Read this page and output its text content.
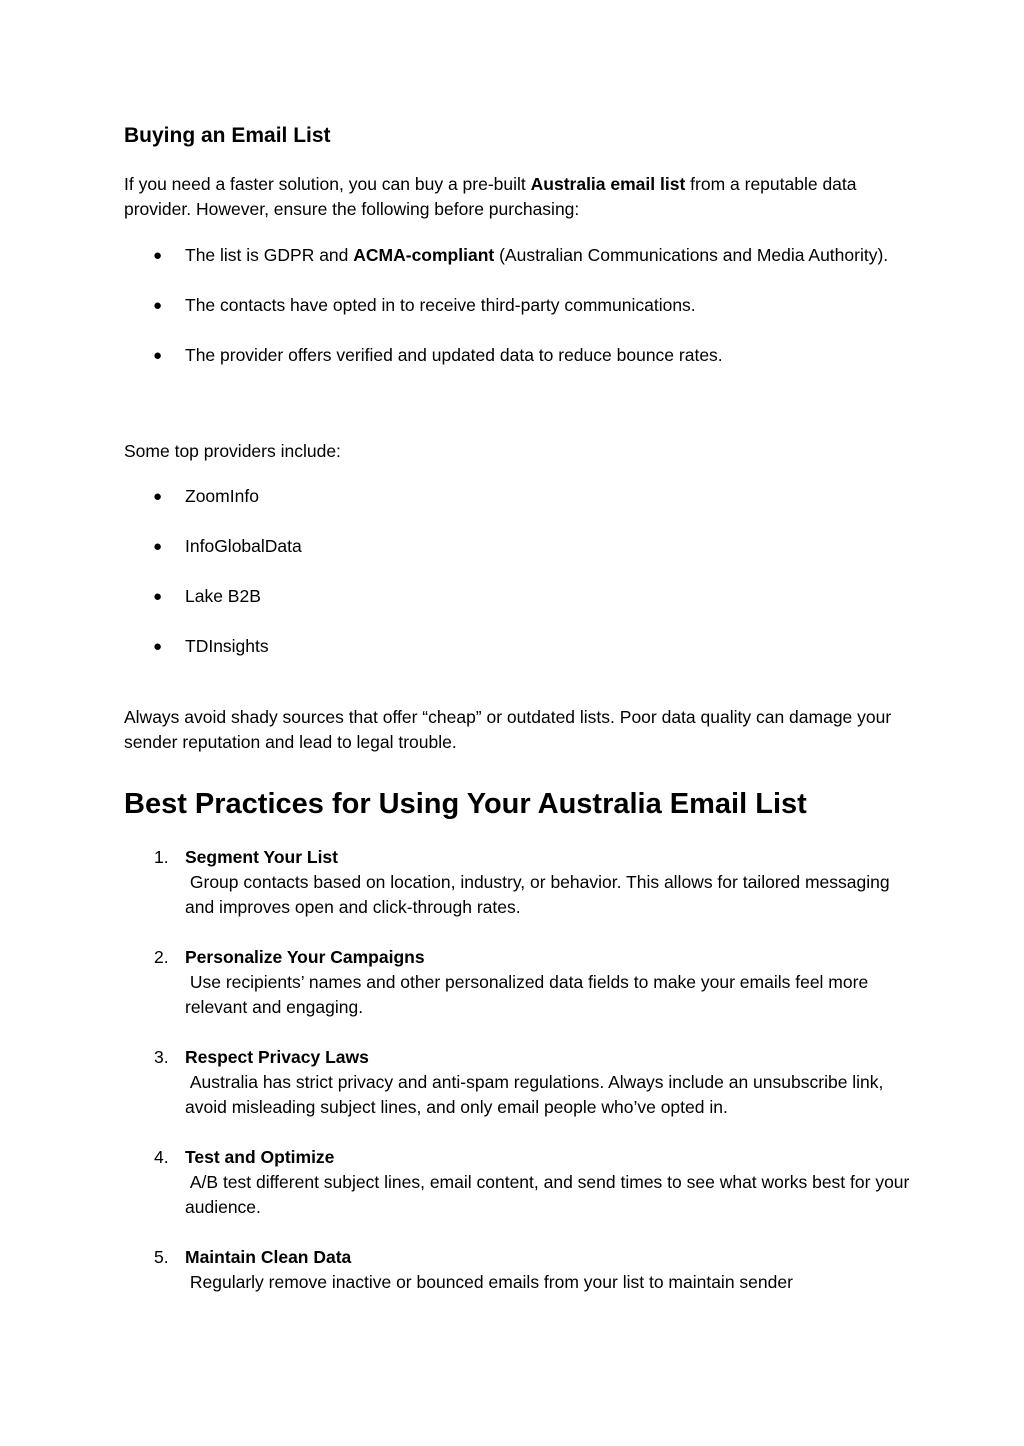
Buying an Email List

If you need a faster solution, you can buy a pre-built Australia email list from a reputable data provider. However, ensure the following before purchasing:

● The list is GDPR and ACMA-compliant (Australian Communications and Media Authority).
● The contacts have opted in to receive third-party communications.
● The provider offers verified and updated data to reduce bounce rates.

Some top providers include:

● ZoomInfo
● InfoGlobalData
● Lake B2B
● TDInsights

Always avoid shady sources that offer “cheap” or outdated lists. Poor data quality can damage your sender reputation and lead to legal trouble.

Best Practices for Using Your Australia Email List
1. Segment Your List
Group contacts based on location, industry, or behavior. This allows for tailored messaging and improves open and click-through rates.
2. Personalize Your Campaigns
Use recipients’ names and other personalized data fields to make your emails feel more relevant and engaging.
3. Respect Privacy Laws
Australia has strict privacy and anti-spam regulations. Always include an unsubscribe link, avoid misleading subject lines, and only email people who’ve opted in.
4. Test and Optimize
A/B test different subject lines, email content, and send times to see what works best for your audience.
5. Maintain Clean Data
Regularly remove inactive or bounced emails from your list to maintain sender
